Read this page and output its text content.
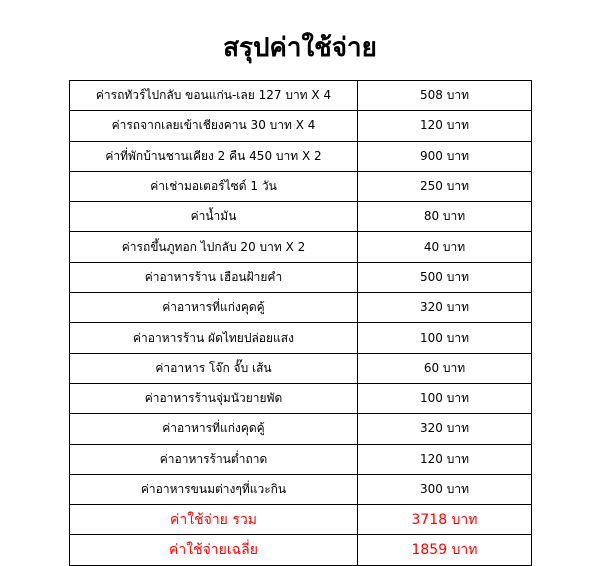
สรุปค่าใช้จ่าย
ค่ารถทัวร์ไปกลับ ขอนแก่น-เลย 127 บาท X 4	508 บาท
ค่ารถจากเลยเข้าเชียงคาน 30 บาท X 4	120 บาท
ค่าที่พักบ้านชานเคียง 2 คืน 450 บาท X 2	900 บาท
ค่าเช่ามอเตอร์ไซด์ 1 วัน	250 บาท
ค่าน้ำมัน	80 บาท
ค่ารถขึ้นภูทอก ไปกลับ 20 บาท X 2	40 บาท
ค่าอาหารร้าน เฮือนฝ้ายคำ	500 บาท
ค่าอาหารที่แก่งคุดคู้	320 บาท
ค่าอาหารร้าน ผัดไทยปล่อยแสง	100 บาท
ค่าอาหาร โจ๊ก จั๊บ เส้น	60 บาท
ค่าอาหารร้านจุ่มนัวยายพัด	100 บาท
ค่าอาหารที่แก่งคุดคู้	320 บาท
ค่าอาหารร้านต่ำถาด	120 บาท
ค่าอาหารขนมต่างๆที่แวะกิน	300 บาท
ค่าใช้จ่าย รวม	3718 บาท
ค่าใช้จ่ายเฉลี่ย	1859 บาท
